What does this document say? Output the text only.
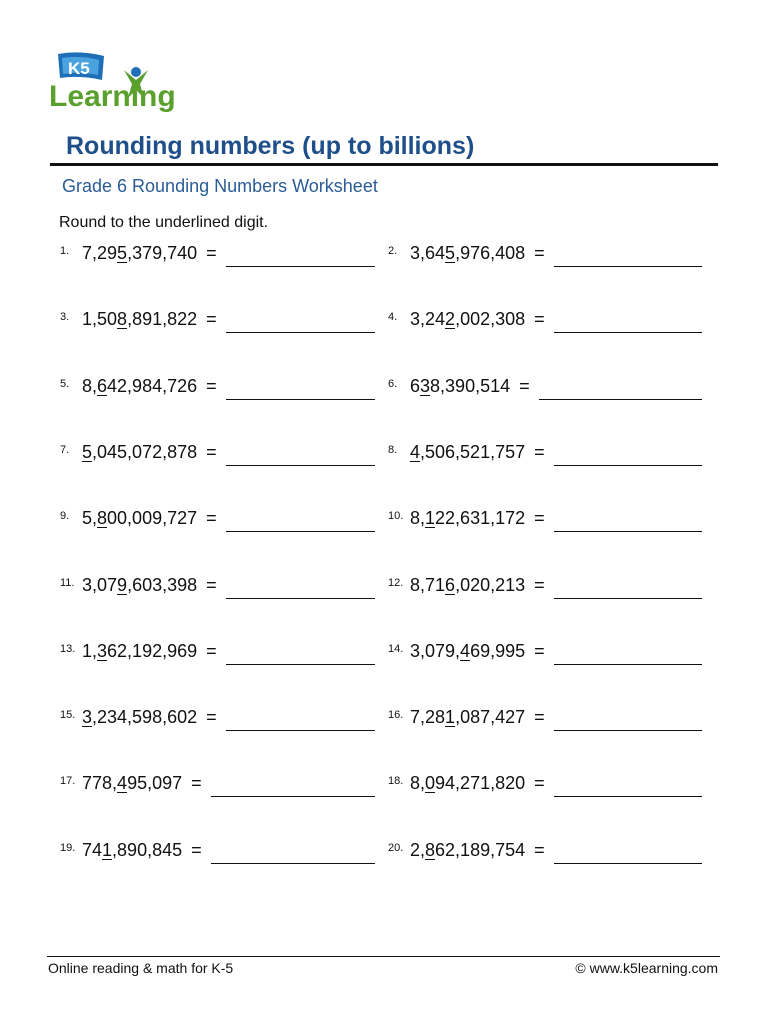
K5
Learning
Rounding numbers (up to billions)
Grade 6 Rounding Numbers Worksheet
Round to the underlined digit.
1. 7,295,379,740 =	2. 3,645,976,408 =
3. 1,508,891,822 =	4. 3,242,002,308 =
5. 8,642,984,726 =	6. 638,390,514 =
7. 5,045,072,878 =	8. 4,506,521,757 =
9. 5,800,009,727 =	10. 8,122,631,172 =
11. 3,079,603,398 =	12. 8,716,020,213 =
13. 1,362,192,969 =	14. 3,079,469,995 =
15. 3,234,598,602 =	16. 7,281,087,427 =
17. 778,495,097 =	18. 8,094,271,820 =
19. 741,890,845 =	20. 2,862,189,754 =
Online reading & math for K-5	© www.k5learning.com
